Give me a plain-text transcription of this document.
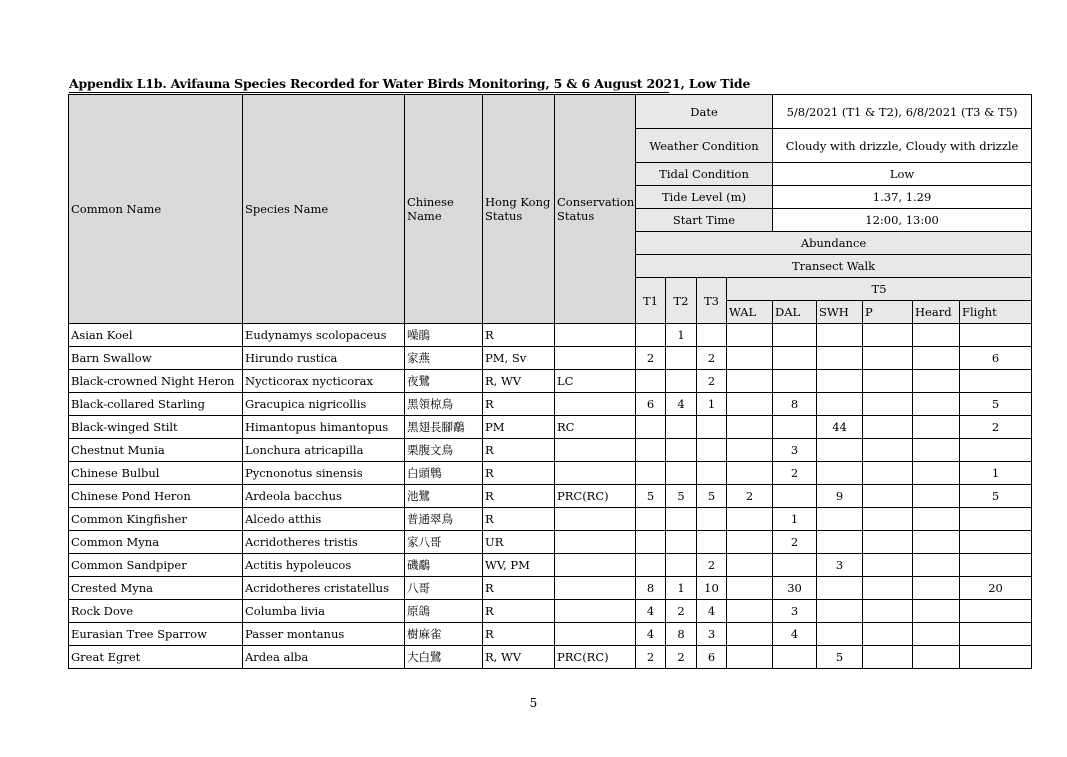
Appendix L1b. Avifauna Species Recorded for Water Birds Monitoring, 5 & 6 August 2021, Low Tide
Common Name	Species Name	Chinese Name	Hong Kong Status	Conservation Status	Date				5/8/2021 (T1 & T2), 6/8/2021 (T3 & T5)				
					Weather Condition				Cloudy with drizzle, Cloudy with drizzle				
					Tidal Condition				Low				
					Tide Level (m)				1.37, 1.29				
					Start Time				12:00, 13:00				
					Abundance								
					Transect Walk								
					T1	T2	T3	T5					
								WAL	DAL	SWH	P	Heard	Flight
Asian Koel	Eudynamys scolopaceus	噪鵑	R			1							
Barn Swallow	Hirundo rustica	家燕	PM, Sv		2		2						6
Black-crowned Night Heron	Nycticorax nycticorax	夜鷺	R, WV	LC			2						
Black-collared Starling	Gracupica nigricollis	黑領椋鳥	R		6	4	1		8				5
Black-winged Stilt	Himantopus himantopus	黑翅長腳鷸	PM	RC						44			2
Chestnut Munia	Lonchura atricapilla	栗腹文鳥	R						3				
Chinese Bulbul	Pycnonotus sinensis	白頭鵯	R						2				1
Chinese Pond Heron	Ardeola bacchus	池鷺	R	PRC(RC)	5	5	5	2		9			5
Common Kingfisher	Alcedo atthis	普通翠鳥	R						1				
Common Myna	Acridotheres tristis	家八哥	UR						2				
Common Sandpiper	Actitis hypoleucos	磯鷸	WV, PM				2			3			
Crested Myna	Acridotheres cristatellus	八哥	R		8	1	10		30				20
Rock Dove	Columba livia	原鴿	R		4	2	4		3				
Eurasian Tree Sparrow	Passer montanus	樹麻雀	R		4	8	3		4				
Great Egret	Ardea alba	大白鷺	R, WV	PRC(RC)	2	2	6			5			
5
